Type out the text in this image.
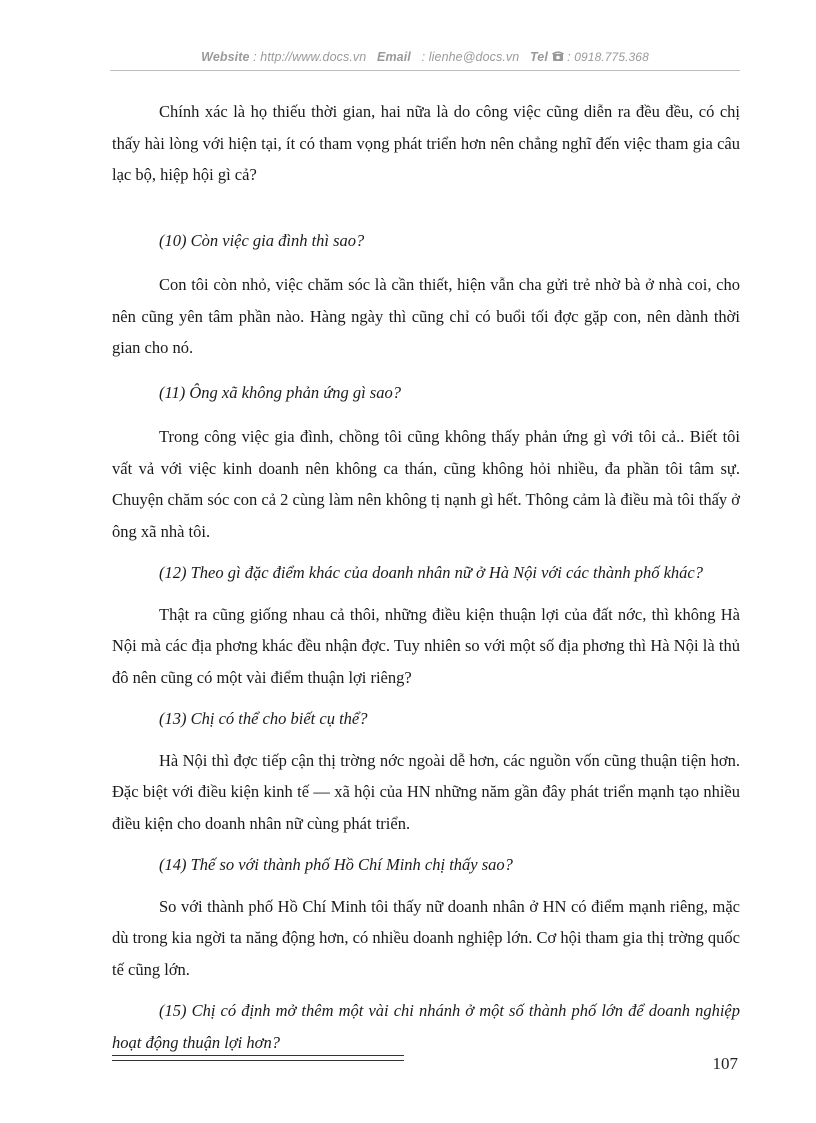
Website : http://www.docs.vn Email   : lienhe@docs.vn Tel  : 0918.775.368

Chính xác là họ thiếu thời gian, hai nữa là do công việc cũng diễn ra đều đều, có chị thấy hài lòng với hiện tại, ít có tham vọng phát triển hơn nên chẳng nghĩ đến việc tham gia câu lạc bộ, hiệp hội gì cả?

(10) Còn việc gia đình thì sao?

Con tôi còn nhỏ, việc chăm sóc là cần thiết, hiện vẫn cha gửi trẻ nhờ bà ở nhà coi, cho nên cũng yên tâm phần nào. Hàng ngày thì cũng chỉ có buổi tối đợc gặp con, nên dành thời gian cho nó.

(11) Ông xã không phản ứng gì sao?

Trong công việc gia đình, chồng tôi cũng không thấy phản ứng gì với tôi cả.. Biết tôi vất vả với việc kinh doanh nên không ca thán, cũng không hỏi nhiều, đa phần tôi tâm sự. Chuyện chăm sóc con cả 2 cùng làm nên không tị nạnh gì hết. Thông cảm là điều mà tôi thấy ở ông xã nhà tôi.

(12) Theo gì đặc điểm khác của doanh nhân nữ ở Hà Nội với các thành phố khác?

Thật ra cũng giống nhau cả thôi, những điều kiện thuận lợi của đất nớc, thì không Hà Nội mà các địa phơng khác đều nhận đợc. Tuy nhiên so với một số địa phơng thì Hà Nội là thủ đô nên cũng có một vài điểm thuận lợi riêng?

(13) Chị có thể cho biết cụ thể?

Hà Nội thì đợc tiếp cận thị trờng nớc ngoài dễ hơn, các nguồn vốn cũng thuận tiện hơn. Đặc biệt với điều kiện kinh tế — xã hội của HN những năm gần đây phát triển mạnh tạo nhiều điều kiện cho doanh nhân nữ cùng phát triển.

(14) Thế so với thành phố Hồ Chí Minh chị thấy sao?

So với thành phố Hồ Chí Minh tôi thấy nữ doanh nhân ở HN có điểm mạnh riêng, mặc dù trong kia ngời ta năng động hơn, có nhiều doanh nghiệp lớn. Cơ hội tham gia thị trờng quốc tế cũng lớn.

(15) Chị có định mở thêm một vài chi nhánh ở một số thành phố lớn để doanh nghiệp hoạt động thuận lợi hơn?

107
